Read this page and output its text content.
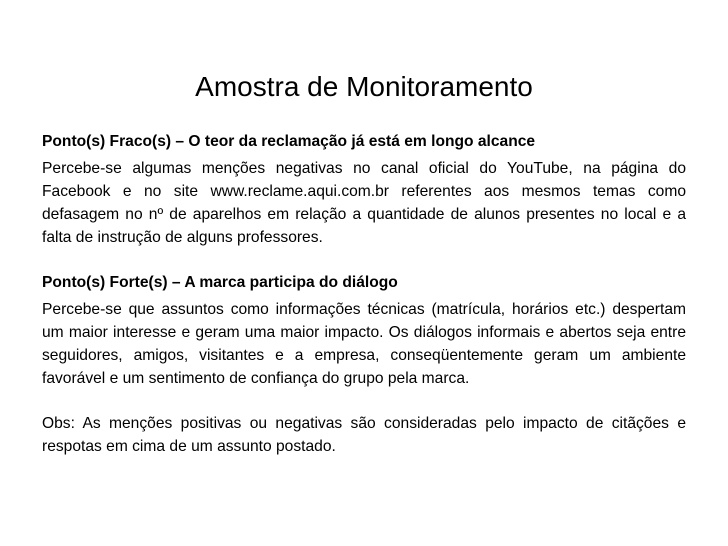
Amostra de Monitoramento

Ponto(s) Fraco(s) – O teor da reclamação já está em longo alcance

Percebe-se algumas menções negativas no canal oficial do YouTube, na página do Facebook e no site www.reclame.aqui.com.br referentes aos mesmos temas como defasagem no nº de aparelhos em relação a quantidade de alunos presentes no local e a falta de instrução de alguns professores.

Ponto(s) Forte(s) – A marca participa do diálogo

Percebe-se que assuntos como informações técnicas (matrícula, horários etc.) despertam um maior interesse e geram uma maior impacto. Os diálogos informais e abertos seja entre seguidores, amigos, visitantes e a empresa, conseqüentemente geram um ambiente favorável e um sentimento de confiança do grupo pela marca.

Obs: As menções positivas ou negativas são consideradas pelo impacto de citãções e respotas em cima de um assunto postado.
